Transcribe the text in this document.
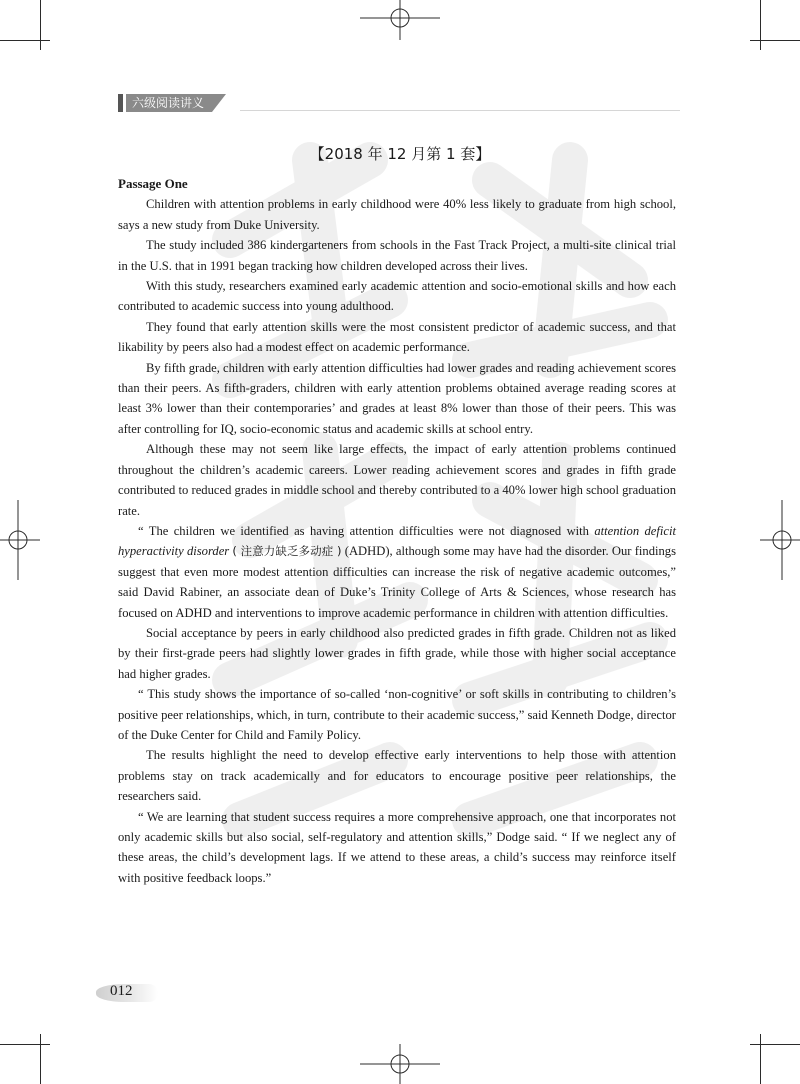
六级阅读讲义
【2018 年 12 月第 1 套】

Passage One

Children with attention problems in early childhood were 40% less likely to graduate from high school, says a new study from Duke University.

The study included 386 kindergarteners from schools in the Fast Track Project, a multi-site clinical trial in the U.S. that in 1991 began tracking how children developed across their lives.

With this study, researchers examined early academic attention and socio-emotional skills and how each contributed to academic success into young adulthood.

They found that early attention skills were the most consistent predictor of academic success, and that likability by peers also had a modest effect on academic performance.

By fifth grade, children with early attention difficulties had lower grades and reading achievement scores than their peers. As fifth-graders, children with early attention problems obtained average reading scores at least 3% lower than their contemporaries’ and grades at least 8% lower than those of their peers. This was after controlling for IQ, socio-economic status and academic skills at school entry.

Although these may not seem like large effects, the impact of early attention problems continued throughout the children’s academic careers. Lower reading achievement scores and grades in fifth grade contributed to reduced grades in middle school and thereby contributed to a 40% lower high school graduation rate.

“ The children we identified as having attention difficulties were not diagnosed with attention deficit hyperactivity disorder ( 注意力缺乏多动症 ) (ADHD), although some may have had the disorder. Our findings suggest that even more modest attention difficulties can increase the risk of negative academic outcomes,” said David Rabiner, an associate dean of Duke’s Trinity College of Arts & Sciences, whose research has focused on ADHD and interventions to improve academic performance in children with attention difficulties.

Social acceptance by peers in early childhood also predicted grades in fifth grade. Children not as liked by their first-grade peers had slightly lower grades in fifth grade, while those with higher social acceptance had higher grades.

“ This study shows the importance of so-called ‘non-cognitive’ or soft skills in contributing to children’s positive peer relationships, which, in turn, contribute to their academic success,” said Kenneth Dodge, director of the Duke Center for Child and Family Policy.

The results highlight the need to develop effective early interventions to help those with attention problems stay on track academically and for educators to encourage positive peer relationships, the researchers said.

“ We are learning that student success requires a more comprehensive approach, one that incorporates not only academic skills but also social, self-regulatory and attention skills,” Dodge said. “ If we neglect any of these areas, the child’s development lags. If we attend to these areas, a child’s success may reinforce itself with positive feedback loops.”

012
